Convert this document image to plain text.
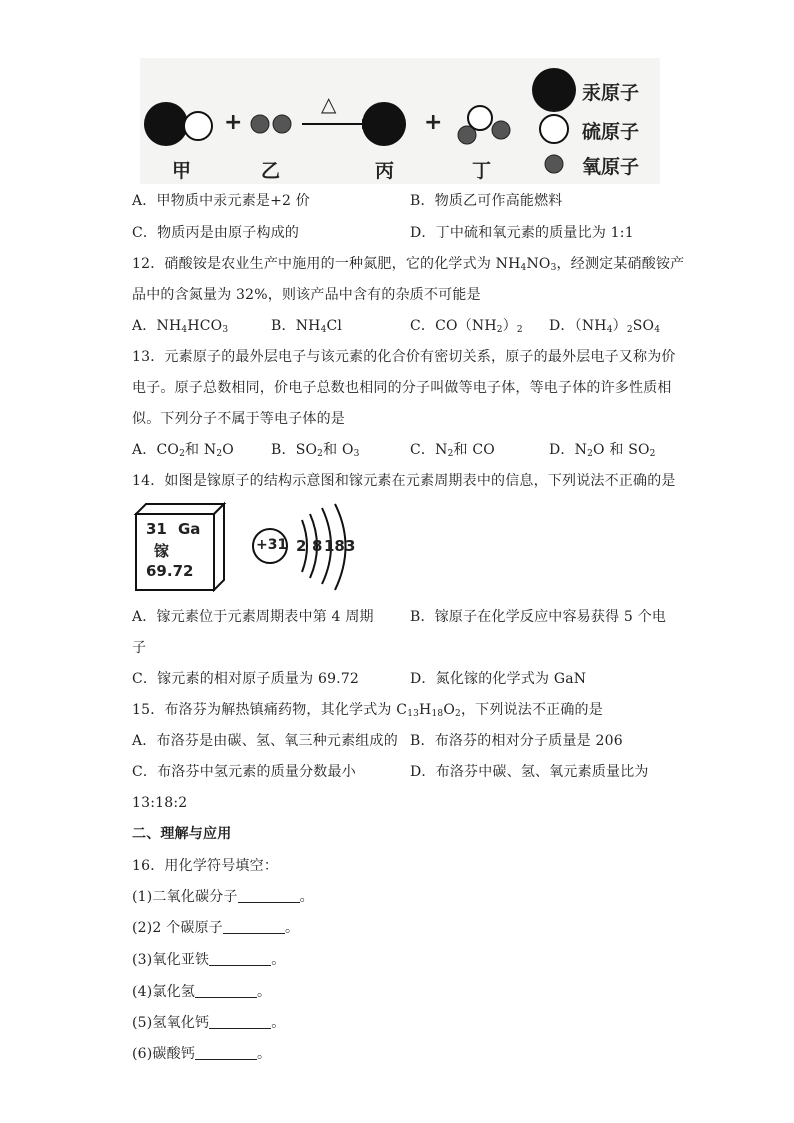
+	+
△
甲	乙	丙	丁
汞原子
硫原子
氧原子
A．甲物质中汞元素是+2 价	B．物质乙可作高能燃料
C．物质丙是由原子构成的	D．丁中硫和氧元素的质量比为 1:1
12．硝酸铵是农业生产中施用的一种氮肥，它的化学式为 $NH_4NO_3$，经测定某硝酸铵产
品中的含氮量为 32%，则该产品中含有的杂质不可能是
A．$NH_4HCO_3$	B．$NH_4Cl$	C．$CO(NH_2)_2$ D．$(NH_4)_2SO_4$
13．元素原子的最外层电子与该元素的化合价有密切关系，原子的最外层电子又称为价
电子。原子总数相同，价电子总数也相同的分子叫做等电子体，等电子体的许多性质相
似。下列分子不属于等电子体的是
A．$CO_2$和 $N_2O$	B．$SO_2$和 $O_3$	C．$N_2$和 CO	D．$N_2O$ 和 $SO_2$
14．如图是镓原子的结构示意图和镓元素在元素周期表中的信息，下列说法不正确的是
31 Ga
镓
69.72
+31 2 8 18 3
A．镓元素位于元素周期表中第 4 周期	B．镓原子在化学反应中容易获得 5 个电
子
C．镓元素的相对原子质量为 69.72	D．氮化镓的化学式为 GaN
15．布洛芬为解热镇痛药物，其化学式为 $C_{13}H_{18}O_2$，下列说法不正确的是
A．布洛芬是由碳、氢、氧三种元素组成的 B．布洛芬的相对分子质量是 206
C．布洛芬中氢元素的质量分数最小	D．布洛芬中碳、氢、氧元素质量比为
13:18:2
二、理解与应用
16．用化学符号填空：
(1)二氧化碳分子	。
(2)2 个碳原子	。
(3)氧化亚铁	。
(4)氯化氢	。
(5)氢氧化钙	。
(6)碳酸钙	。
